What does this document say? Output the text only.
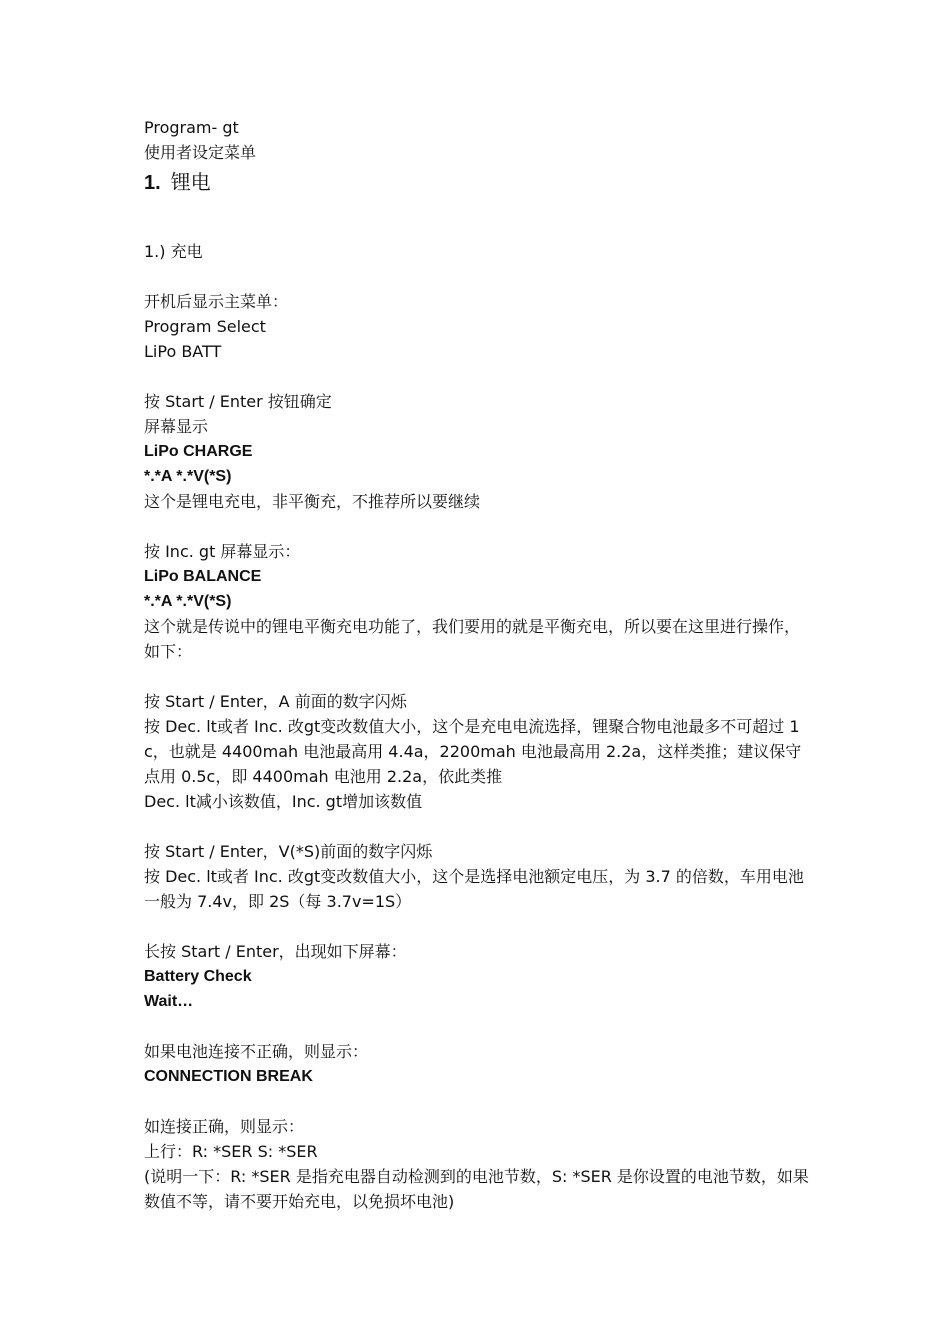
Program- gt
使用者设定菜单
1. 锂电
1.) 充电
开机后显示主菜单：
Program Select
LiPo BATT
按 Start / Enter 按钮确定
屏幕显示
LiPo CHARGE
*.*A *.*V(*S)
这个是锂电充电，非平衡充，不推荐所以要继续
按 Inc. gt 屏幕显示：
LiPo BALANCE
*.*A *.*V(*S)
这个就是传说中的锂电平衡充电功能了，我们要用的就是平衡充电，所以要在这里进行操作，如下：
按 Start / Enter，A 前面的数字闪烁
按 Dec. lt或者 Inc. 改gt变改数值大小，这个是充电电流选择，锂聚合物电池最多不可超过 1c，也就是 4400mah 电池最高用 4.4a，2200mah 电池最高用 2.2a，这样类推；建议保守点用 0.5c，即 4400mah 电池用 2.2a，依此类推
Dec. lt减小该数值，Inc. gt增加该数值
按 Start / Enter，V(*S)前面的数字闪烁
按 Dec. lt或者 Inc. 改gt变改数值大小，这个是选择电池额定电压，为 3.7 的倍数，车用电池一般为 7.4v，即 2S（每 3.7v=1S）
长按 Start / Enter，出现如下屏幕：
Battery Check
Wait…
如果电池连接不正确，则显示：
CONNECTION BREAK
如连接正确，则显示：
上行：R: *SER S: *SER
(说明一下：R: *SER 是指充电器自动检测到的电池节数，S: *SER 是你设置的电池节数，如果数值不等，请不要开始充电，以免损坏电池)
